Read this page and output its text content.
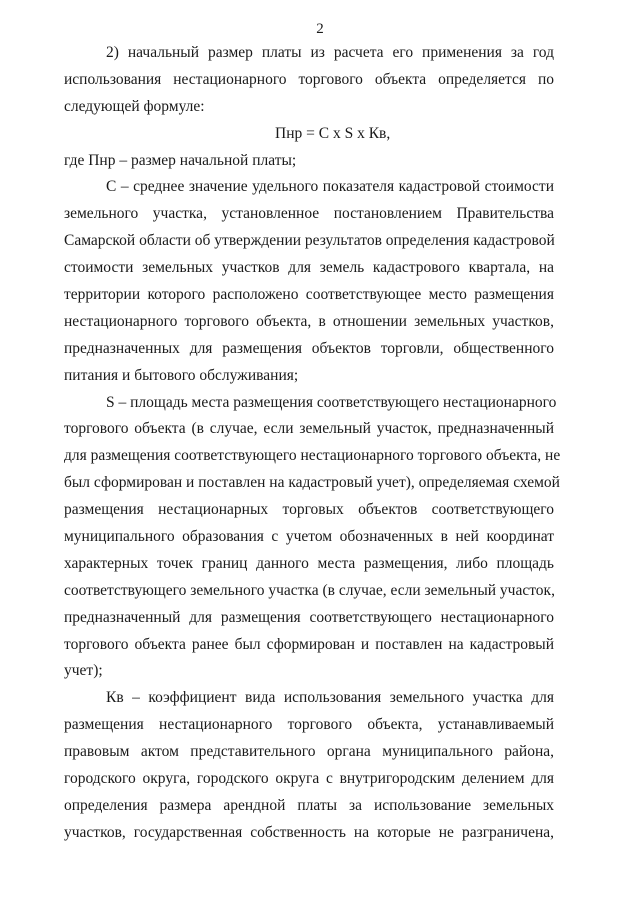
2
2) начальный размер платы из расчета его применения за год
использования нестационарного торгового объекта определяется по
следующей формуле:
Пнр = С x S x Кв,
где Пнр – размер начальной платы;
С – среднее значение удельного показателя кадастровой стоимости
земельного участка, установленное постановлением Правительства
Самарской области об утверждении результатов определения кадастровой
стоимости земельных участков для земель кадастрового квартала, на
территории которого расположено соответствующее место размещения
нестационарного торгового объекта, в отношении земельных участков,
предназначенных для размещения объектов торговли, общественного
питания и бытового обслуживания;
S – площадь места размещения соответствующего нестационарного
торгового объекта (в случае, если земельный участок, предназначенный
для размещения соответствующего нестационарного торгового объекта, не
был сформирован и поставлен на кадастровый учет), определяемая схемой
размещения нестационарных торговых объектов соответствующего
муниципального образования с учетом обозначенных в ней координат
характерных точек границ данного места размещения, либо площадь
соответствующего земельного участка (в случае, если земельный участок,
предназначенный для размещения соответствующего нестационарного
торгового объекта ранее был сформирован и поставлен на кадастровый
учет);
Кв – коэффициент вида использования земельного участка для
размещения нестационарного торгового объекта, устанавливаемый
правовым актом представительного органа муниципального района,
городского округа, городского округа с внутригородским делением для
определения размера арендной платы за использование земельных
участков, государственная собственность на которые не разграничена,
